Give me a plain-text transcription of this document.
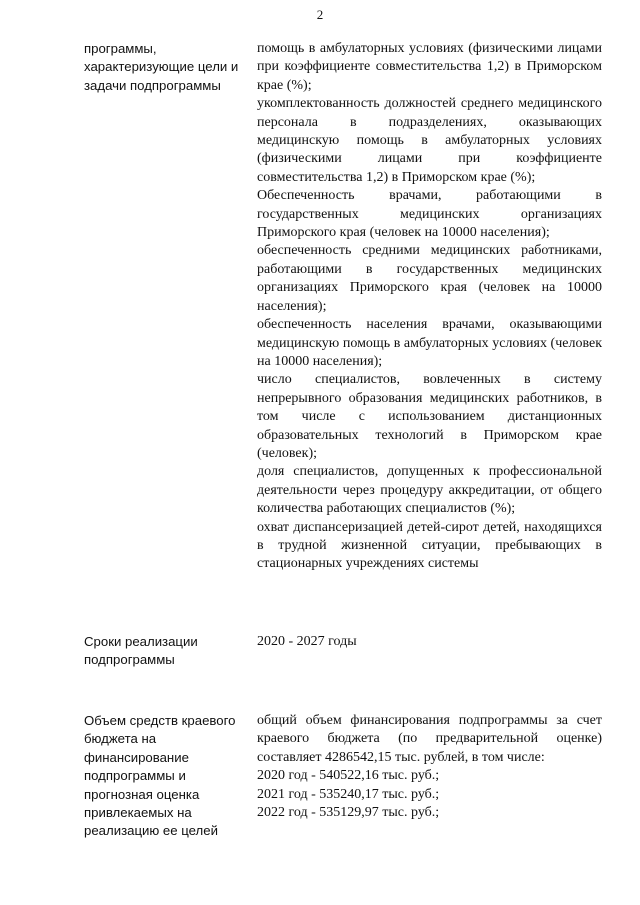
2
программы, характеризующие цели и задачи подпрограммы

помощь в амбулаторных условиях (физическими лицами при коэффициенте совместительства 1,2) в Приморском крае (%);

укомплектованность должностей среднего медицинского персонала в подразделениях, оказывающих медицинскую помощь в амбулаторных условиях (физическими лицами при коэффициенте совместительства 1,2) в Приморском крае (%);

Обеспеченность врачами, работающими в государственных медицинских организациях Приморского края (человек на 10000 населения);

обеспеченность средними медицинских работниками, работающими в государственных медицинских организациях Приморского края (человек на 10000 населения);

обеспеченность населения врачами, оказывающими медицинскую помощь в амбулаторных условиях (человек на 10000 населения);

число специалистов, вовлеченных в систему непрерывного образования медицинских работников, в том числе с использованием дистанционных образовательных технологий в Приморском крае (человек);

доля специалистов, допущенных к профессиональной деятельности через процедуру аккредитации, от общего количества работающих специалистов (%);

охват диспансеризацией детей-сирот детей, находящихся в трудной жизненной ситуации, пребывающих в стационарных учреждениях системы

Сроки реализации подпрограммы

2020 - 2027 годы

Объем средств краевого бюджета на финансирование подпрограммы и прогнозная оценка привлекаемых на реализацию ее целей

общий объем финансирования подпрограммы за счет краевого бюджета (по предварительной оценке) составляет 4286542,15 тыс. рублей, в том числе:

2020 год - 540522,16 тыс. руб.;

2021 год - 535240,17 тыс. руб.;

2022 год - 535129,97 тыс. руб.;
